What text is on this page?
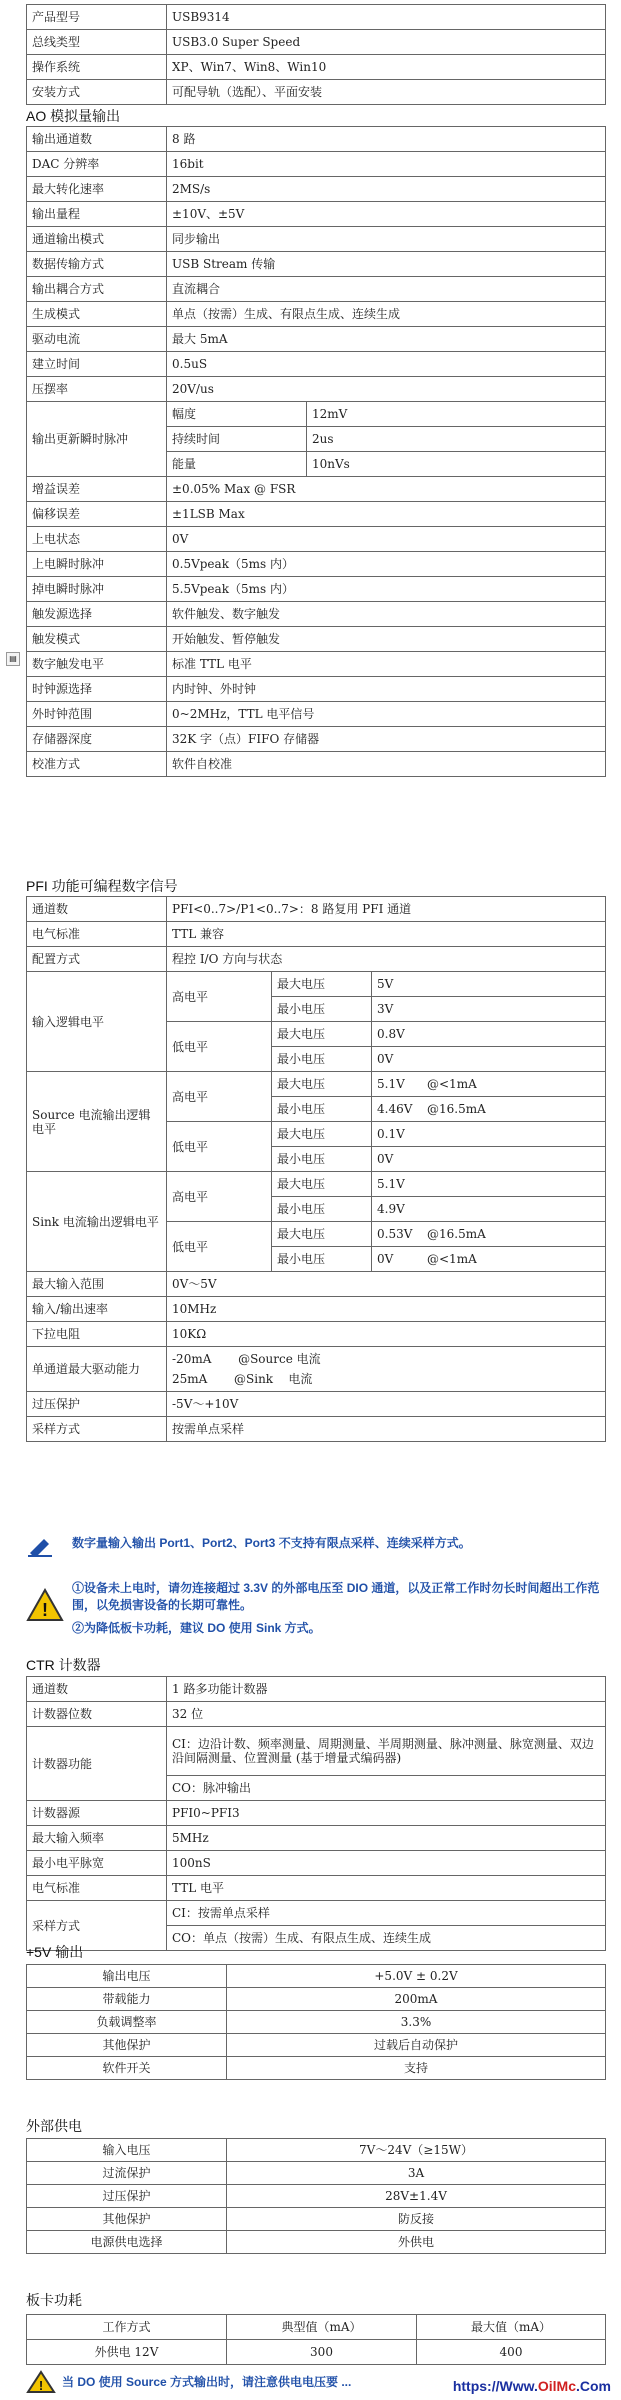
产品型号	USB9314
总线类型	USB3.0 Super Speed
操作系统	XP、Win7、Win8、Win10
安装方式	可配导轨（选配）、平面安装
AO 模拟量输出
输出通道数	8 路	
DAC 分辨率	16bit	
最大转化速率	2MS/s	
输出量程	±10V、±5V	
通道输出模式	同步输出	
数据传输方式	USB Stream 传输	
输出耦合方式	直流耦合	
生成模式	单点（按需）生成、有限点生成、连续生成	
驱动电流	最大 5mA	
建立时间	0.5uS	
压摆率	20V/us	
输出更新瞬时脉冲	幅度	12mV
	持续时间	2us
	能量	10nVs
增益误差	±0.05% Max @ FSR	
偏移误差	±1LSB Max	
上电状态	0V	
上电瞬时脉冲	0.5Vpeak（5ms 内）	
掉电瞬时脉冲	5.5Vpeak（5ms 内）	
触发源选择	软件触发、数字触发	
触发模式	开始触发、暂停触发	
数字触发电平	标准 TTL 电平	
时钟源选择	内时钟、外时钟	
外时钟范围	0~2MHz，TTL 电平信号	
存储器深度	32K 字（点）FIFO 存储器	
校准方式	软件自校准	
▤
PFI 功能可编程数字信号
通道数	PFI<0..7>/P1<0..7>：8 路复用 PFI 通道		
电气标准	TTL 兼容		
配置方式	程控 I/O 方向与状态		
输入逻辑电平	高电平	最大电压	5V
		最小电压	3V
	低电平	最大电压	0.8V
		最小电压	0V
Source 电流输出逻辑电平	高电平	最大电压	5.1V @<1mA
		最小电压	4.46V @16.5mA
	低电平	最大电压	0.1V
		最小电压	0V
Sink 电流输出逻辑电平	高电平	最大电压	5.1V
		最小电压	4.9V
	低电平	最大电压	0.53V @16.5mA
		最小电压	0V @<1mA
最大输入范围	0V～5V		
输入/输出速率	10MHz		
下拉电阻	10KΩ		
单通道最大驱动能力	-20mA       @Source 电流
25mA       @Sink    电流		

过压保护	-5V～+10V		
采样方式	按需单点采样		
数字量输入输出 Port1、Port2、Port3 不支持有限点采样、连续采样方式。
!
①设备未上电时，请勿连接超过 3.3V 的外部电压至 DIO 通道，以及正常工作时勿长时间超出工作范围，以免损害设备的长期可靠性。
②为降低板卡功耗，建议 DO 使用 Sink 方式。
CTR 计数器
通道数	1 路多功能计数器
计数器位数	32 位
计数器功能	CI：边沿计数、频率测量、周期测量、半周期测量、脉冲测量、脉宽测量、双边沿间隔测量、位置测量 (基于增量式编码器)
	CO：脉冲输出
计数器源	PFI0~PFI3
最大输入频率	5MHz
最小电平脉宽	100nS
电气标准	TTL 电平
采样方式	CI：按需单点采样
	CO：单点（按需）生成、有限点生成、连续生成
+5V 输出
输出电压	+5.0V ± 0.2V
带载能力	200mA
负载调整率	3.3%
其他保护	过载后自动保护
软件开关	支持
外部供电
输入电压	7V～24V（≥15W）
过流保护	3A
过压保护	28V±1.4V
其他保护	防反接
电源供电选择	外供电
板卡功耗
工作方式	典型值（mA）	最大值（mA）
外供电 12V	300	400
! 当 DO 使用 Source 方式输出时，请注意供电电压要 ...	https://Www.OilMc.Com
